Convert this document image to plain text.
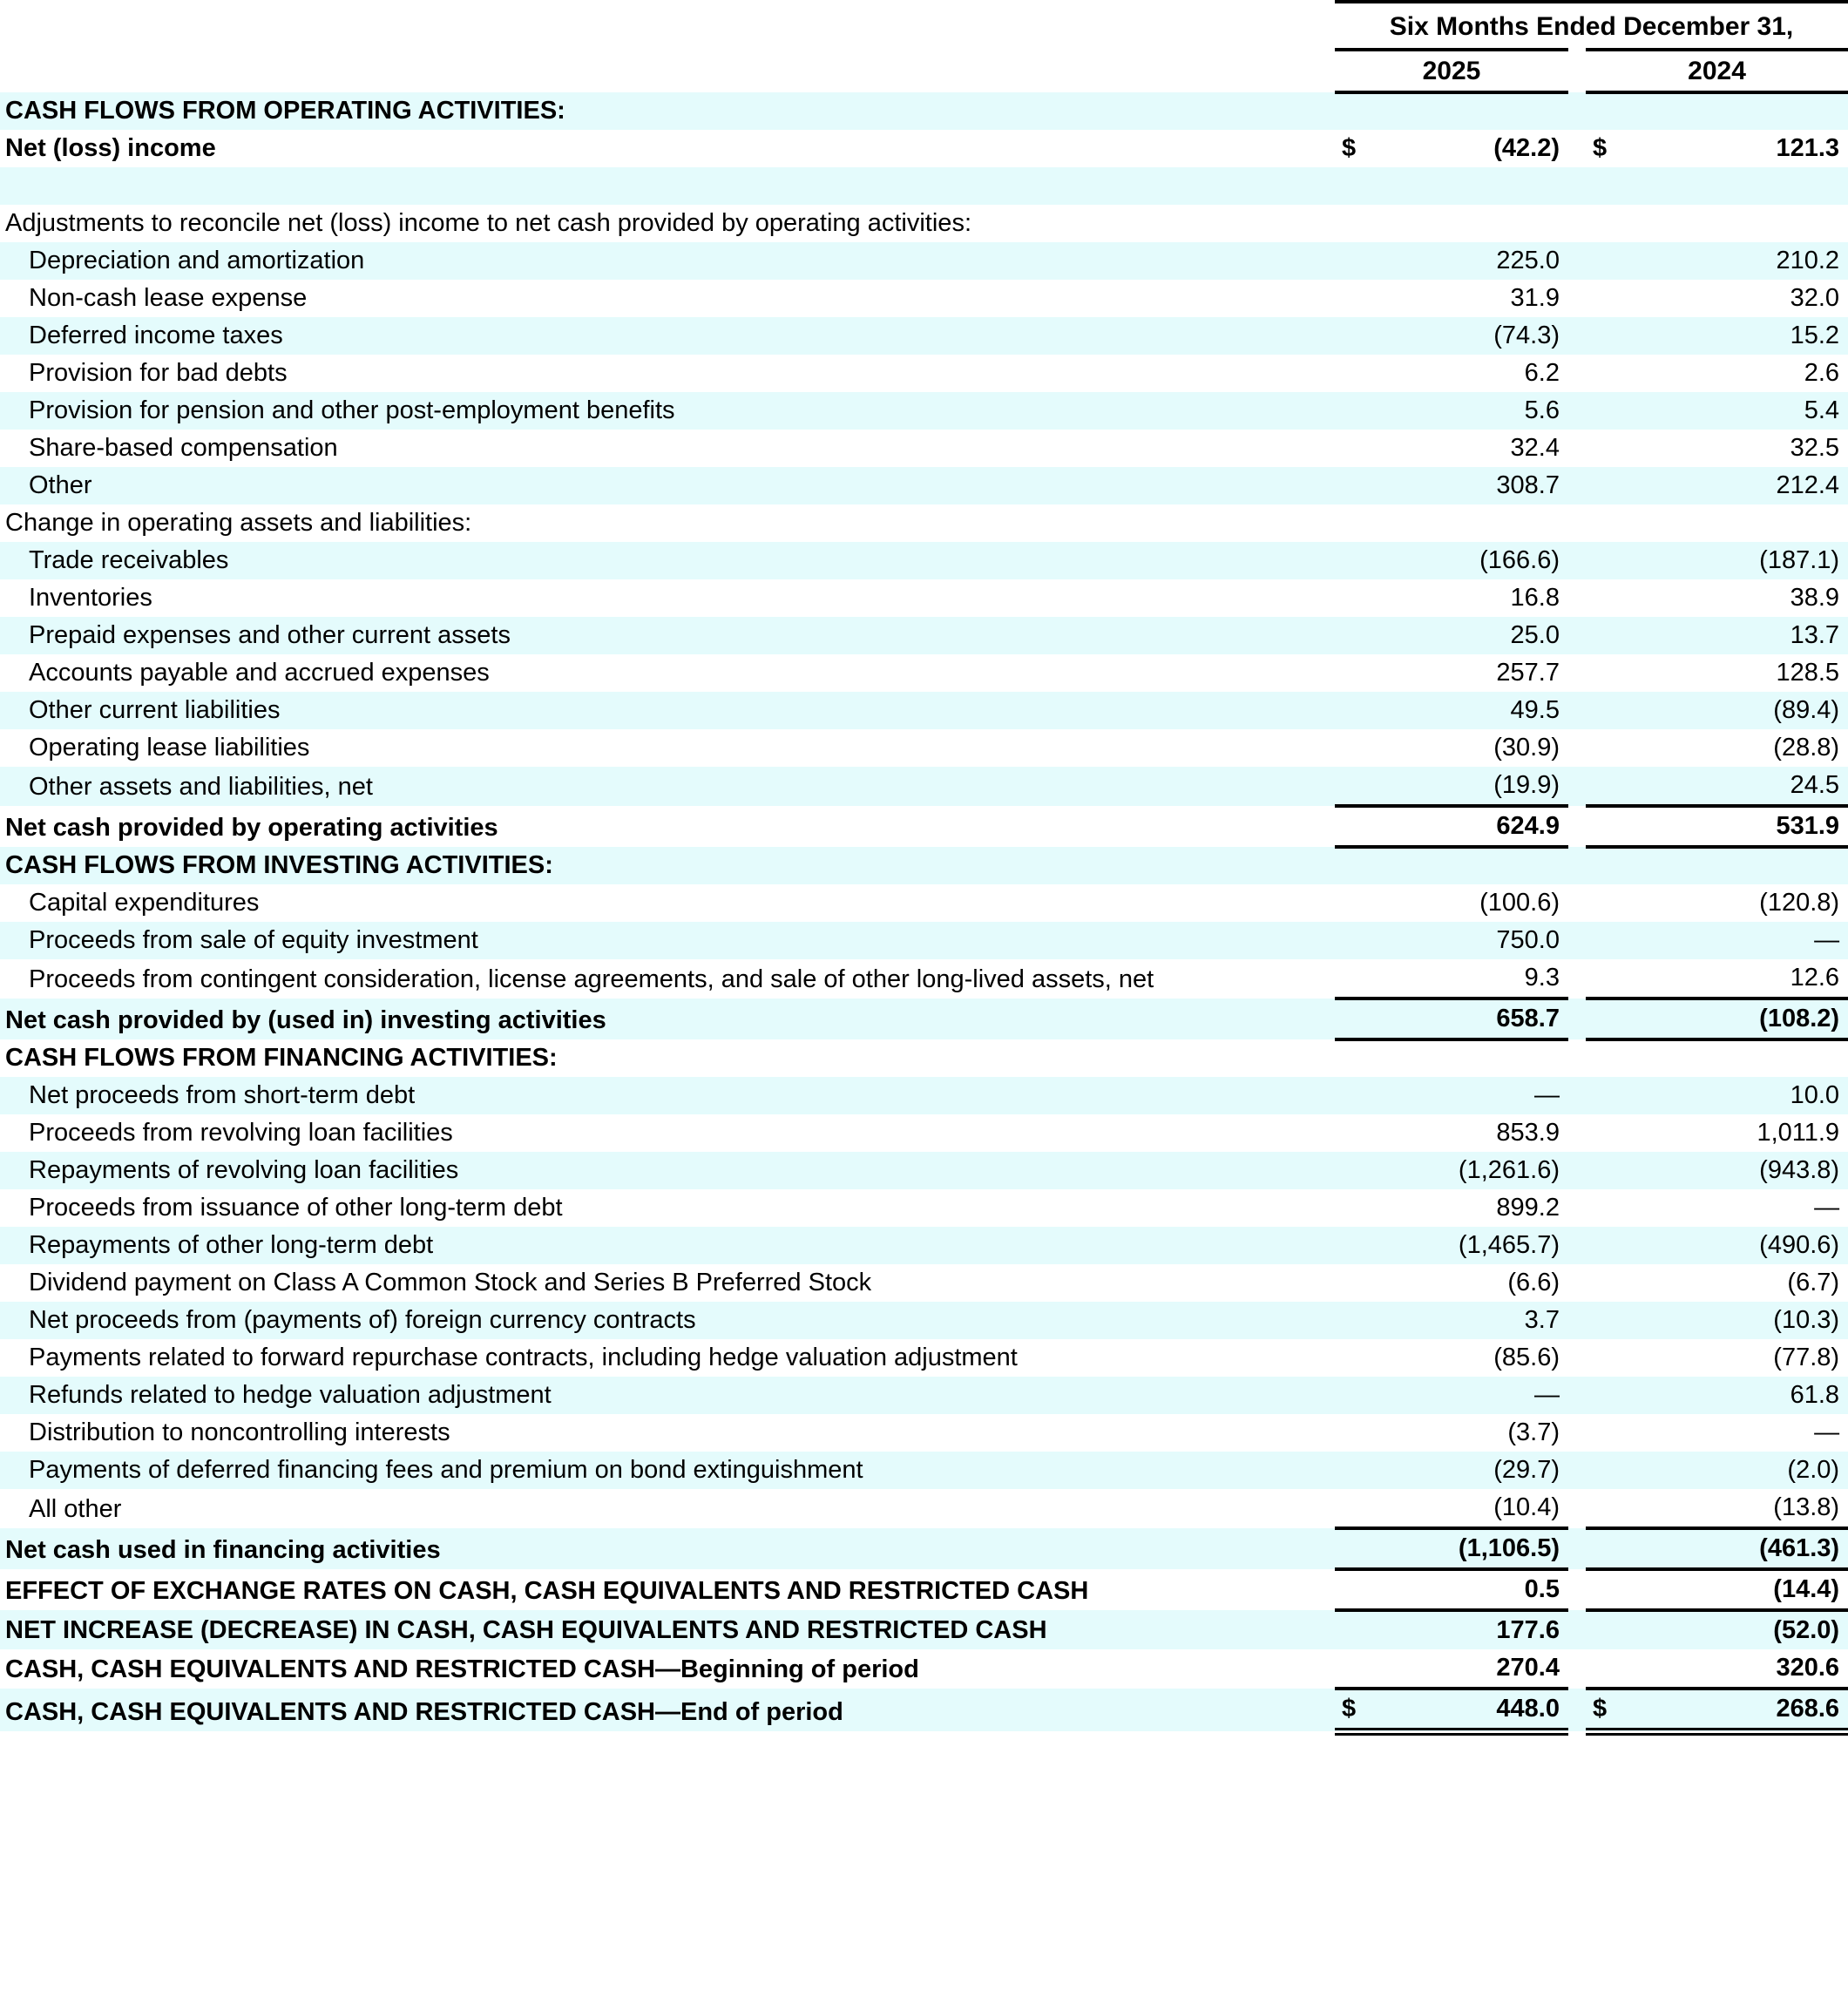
	Six Months Ended December 31,				
	2025			2024	
CASH FLOWS FROM OPERATING ACTIVITIES:					
Net (loss) income	$	(42.2)		$	121.3

Adjustments to reconcile net (loss) income to net cash provided by operating activities:					
Depreciation and amortization		225.0			210.2
Non-cash lease expense		31.9			32.0
Deferred income taxes		(74.3)			15.2
Provision for bad debts		6.2			2.6
Provision for pension and other post-employment benefits		5.6			5.4
Share-based compensation		32.4			32.5
Other		308.7			212.4
Change in operating assets and liabilities:					
Trade receivables		(166.6)			(187.1)
Inventories		16.8			38.9
Prepaid expenses and other current assets		25.0			13.7
Accounts payable and accrued expenses		257.7			128.5
Other current liabilities		49.5			(89.4)
Operating lease liabilities		(30.9)			(28.8)
Other assets and liabilities, net		(19.9)			24.5
Net cash provided by operating activities		624.9			531.9
CASH FLOWS FROM INVESTING ACTIVITIES:					
Capital expenditures		(100.6)			(120.8)
Proceeds from sale of equity investment		750.0			—
Proceeds from contingent consideration, license agreements, and sale of other long-lived assets, net		9.3			12.6
Net cash provided by (used in) investing activities		658.7			(108.2)
CASH FLOWS FROM FINANCING ACTIVITIES:					
Net proceeds from short-term debt		—			10.0
Proceeds from revolving loan facilities		853.9			1,011.9
Repayments of revolving loan facilities		(1,261.6)			(943.8)
Proceeds from issuance of other long-term debt		899.2			—
Repayments of other long-term debt		(1,465.7)			(490.6)
Dividend payment on Class A Common Stock and Series B Preferred Stock		(6.6)			(6.7)
Net proceeds from (payments of) foreign currency contracts		3.7			(10.3)
Payments related to forward repurchase contracts, including hedge valuation adjustment		(85.6)			(77.8)
Refunds related to hedge valuation adjustment		—			61.8
Distribution to noncontrolling interests		(3.7)			—
Payments of deferred financing fees and premium on bond extinguishment		(29.7)			(2.0)
All other		(10.4)			(13.8)
Net cash used in financing activities		(1,106.5)			(461.3)
EFFECT OF EXCHANGE RATES ON CASH, CASH EQUIVALENTS AND RESTRICTED CASH		0.5			(14.4)
NET INCREASE (DECREASE) IN CASH, CASH EQUIVALENTS AND RESTRICTED CASH		177.6			(52.0)
CASH, CASH EQUIVALENTS AND RESTRICTED CASH—Beginning of period		270.4			320.6
CASH, CASH EQUIVALENTS AND RESTRICTED CASH—End of period	$	448.0		$	268.6
